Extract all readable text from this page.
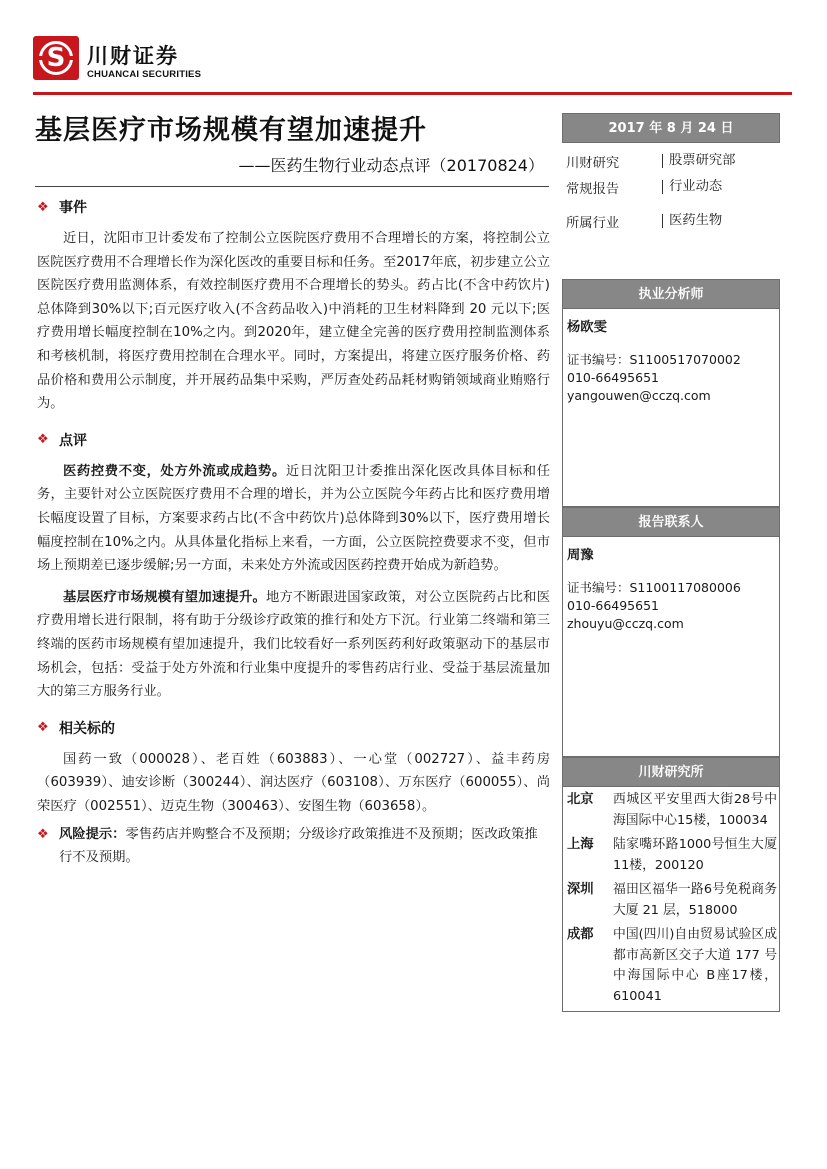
S	川财证券
CHUANCAI SECURITIES
基层医疗市场规模有望加速提升
——医药生物行业动态点评（20170824）
❖ 事件

近日，沈阳市卫计委发布了控制公立医院医疗费用不合理增长的方案，将控制公立医院医疗费用不合理增长作为深化医改的重要目标和任务。至2017年底，初步建立公立医院医疗费用监测体系，有效控制医疗费用不合理增长的势头。药占比(不含中药饮片)总体降到30%以下;百元医疗收入(不含药品收入)中消耗的卫生材料降到 20 元以下;医疗费用增长幅度控制在10%之内。到2020年，建立健全完善的医疗费用控制监测体系和考核机制，将医疗费用控制在合理水平。同时，方案提出，将建立医疗服务价格、药品价格和费用公示制度，并开展药品集中采购，严厉查处药品耗材购销领域商业贿赂行为。

❖ 点评

医药控费不变，处方外流或成趋势。近日沈阳卫计委推出深化医改具体目标和任务，主要针对公立医院医疗费用不合理的增长，并为公立医院今年药占比和医疗费用增长幅度设置了目标，方案要求药占比(不含中药饮片)总体降到30%以下，医疗费用增长幅度控制在10%之内。从具体量化指标上来看，一方面，公立医院控费要求不变，但市场上预期差已逐步缓解;另一方面，未来处方外流或因医药控费开始成为新趋势。

基层医疗市场规模有望加速提升。地方不断跟进国家政策，对公立医院药占比和医疗费用增长进行限制，将有助于分级诊疗政策的推行和处方下沉。行业第二终端和第三终端的医药市场规模有望加速提升，我们比较看好一系列医药利好政策驱动下的基层市场机会，包括：受益于处方外流和行业集中度提升的零售药店行业、受益于基层流量加大的第三方服务行业。

❖ 相关标的

国药一致（000028）、老百姓（603883）、一心堂（002727）、益丰药房（603939）、迪安诊断（300244）、润达医疗（603108）、万东医疗（600055）、尚荣医疗（002551）、迈克生物（300463）、安图生物（603658）。

❖ 风险提示：零售药店并购整合不及预期；分级诊疗政策推进不及预期；医改政策推行不及预期。
2017 年 8 月 24 日
川财研究	股票研究部
常规报告	行业动态
所属行业	医药生物
执业分析师
杨欧雯
证书编号：S1100517070002
010-66495651
yangouwen@cczq.com
报告联系人
周豫
证书编号：S1100117080006
010-66495651
zhouyu@cczq.com
川财研究所
北京	西城区平安里西大街28号中海国际中心15楼，100034
上海	陆家嘴环路1000号恒生大厦11楼，200120
深圳	福田区福华一路6号免税商务大厦 21 层，518000
成都	中国(四川)自由贸易试验区成都市高新区交子大道 177 号中海国际中心 B座17楼，610041
